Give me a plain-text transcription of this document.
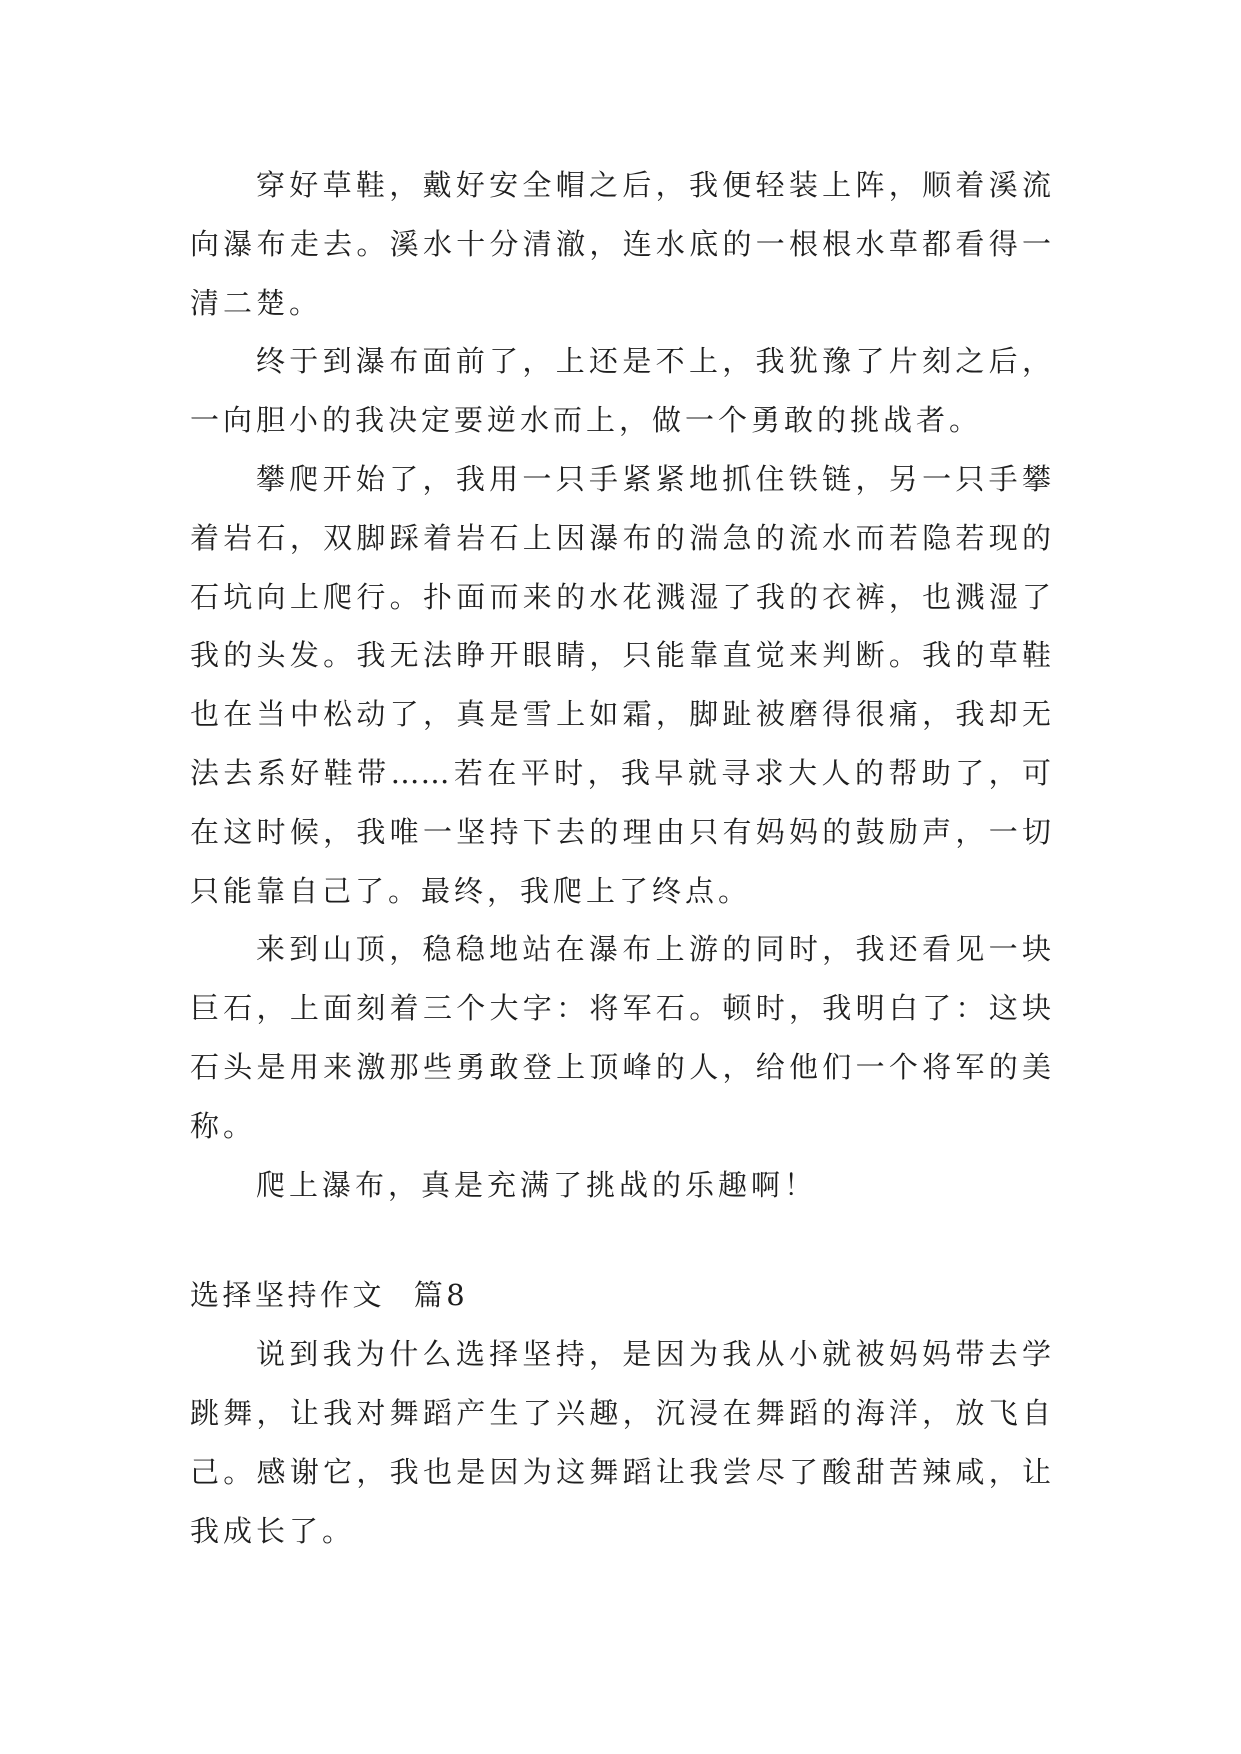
穿好草鞋，戴好安全帽之后，我便轻装上阵，顺着溪流
向瀑布走去。溪水十分清澈，连水底的一根根水草都看得一
清二楚。
终于到瀑布面前了，上还是不上，我犹豫了片刻之后，
一向胆小的我决定要逆水而上，做一个勇敢的挑战者。
攀爬开始了，我用一只手紧紧地抓住铁链，另一只手攀
着岩石，双脚踩着岩石上因瀑布的湍急的流水而若隐若现的
石坑向上爬行。扑面而来的水花溅湿了我的衣裤，也溅湿了
我的头发。我无法睁开眼睛，只能靠直觉来判断。我的草鞋
也在当中松动了，真是雪上如霜，脚趾被磨得很痛，我却无
法去系好鞋带……若在平时，我早就寻求大人的帮助了，可
在这时候，我唯一坚持下去的理由只有妈妈的鼓励声，一切
只能靠自己了。最终，我爬上了终点。
来到山顶，稳稳地站在瀑布上游的同时，我还看见一块
巨石，上面刻着三个大字：将军石。顿时，我明白了：这块
石头是用来激那些勇敢登上顶峰的人，给他们一个将军的美
称。
爬上瀑布，真是充满了挑战的乐趣啊！
选择坚持作文 篇8
说到我为什么选择坚持，是因为我从小就被妈妈带去学
跳舞，让我对舞蹈产生了兴趣，沉浸在舞蹈的海洋，放飞自
己。感谢它，我也是因为这舞蹈让我尝尽了酸甜苦辣咸，让
我成长了。
